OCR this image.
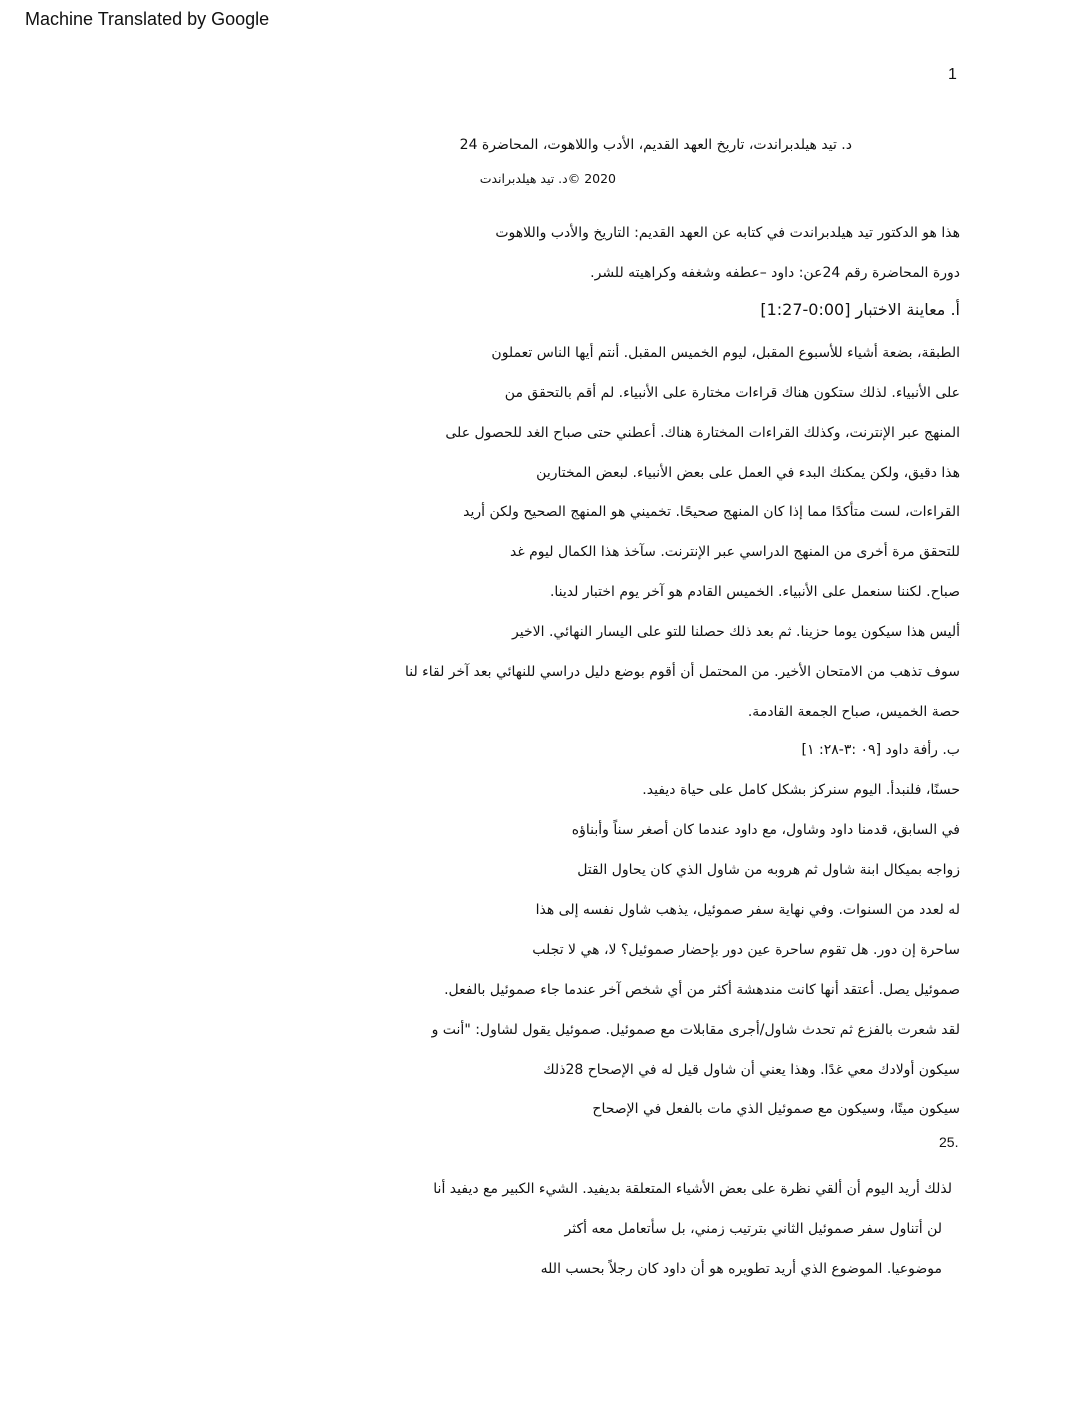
Machine Translated by Google
1
د. تيد هيلدبراندت، تاريخ العهد القديم، الأدب واللاهوت، المحاضرة 24
2020 ©د. تيد هيلدبراندت
هذا هو الدكتور تيد هيلدبراندت في كتابه عن العهد القديم: التاريخ والأدب واللاهوت
دورة المحاضرة رقم 24عن: داود –عطفه وشغفه وكراهيته للشر.
أ. معاينة الاختبار [0:00-1:27]
الطبقة، بضعة أشياء للأسبوع المقبل، ليوم الخميس المقبل. أنتم أيها الناس تعملون
على الأنبياء. لذلك ستكون هناك قراءات مختارة على الأنبياء. لم أقم بالتحقق من
المنهج عبر الإنترنت، وكذلك القراءات المختارة هناك. أعطني حتى صباح الغد للحصول على
هذا دقيق، ولكن يمكنك البدء في العمل على بعض الأنبياء. لبعض المختارين
القراءات، لست متأكدًا مما إذا كان المنهج صحيحًا. تخميني هو المنهج الصحيح ولكن أريد
للتحقق مرة أخرى من المنهج الدراسي عبر الإنترنت. سآخذ هذا الكمال ليوم غد
صباح. لكننا سنعمل على الأنبياء. الخميس القادم هو آخر يوم اختبار لدينا.
أليس هذا سيكون يوما حزينا. ثم بعد ذلك حصلنا للتو على اليسار النهائي. الاخير
سوف تذهب من الامتحان الأخير. من المحتمل أن أقوم بوضع دليل دراسي للنهائي بعد آخر لقاء لنا
حصة الخميس، صباح الجمعة القادمة.
ب. رأفة داود [٠٩ :٣-٢٨: ١]
حسنًا، فلنبدأ. اليوم سنركز بشكل كامل على حياة ديفيد.
في السابق، قدمنا داود وشاول، مع داود عندما كان أصغر سناً وأبناؤه
زواجه بميكال ابنة شاول ثم هروبه من شاول الذي كان يحاول القتل
له لعدد من السنوات. وفي نهاية سفر صموئيل، يذهب شاول نفسه إلى هذا
ساحرة إن دور. هل تقوم ساحرة عين دور بإحضار صموئيل؟ لا، هي لا تجلب
صموئيل يصل. أعتقد أنها كانت مندهشة أكثر من أي شخص آخر عندما جاء صموئيل بالفعل.
لقد شعرت بالفزع ثم تحدث شاول/أجرى مقابلات مع صموئيل. صموئيل يقول لشاول: "أنت و
سيكون أولادك معي غدًا. وهذا يعني أن شاول قيل له في الإصحاح 28ذلك
سيكون ميتًا، وسيكون مع صموئيل الذي مات بالفعل في الإصحاح
25.
لذلك أريد اليوم أن ألقي نظرة على بعض الأشياء المتعلقة بديفيد. الشيء الكبير مع ديفيد أنا
لن أتناول سفر صموئيل الثاني بترتيب زمني، بل سأتعامل معه أكثر
موضوعيا. الموضوع الذي أريد تطويره هو أن داود كان رجلاً بحسب الله
